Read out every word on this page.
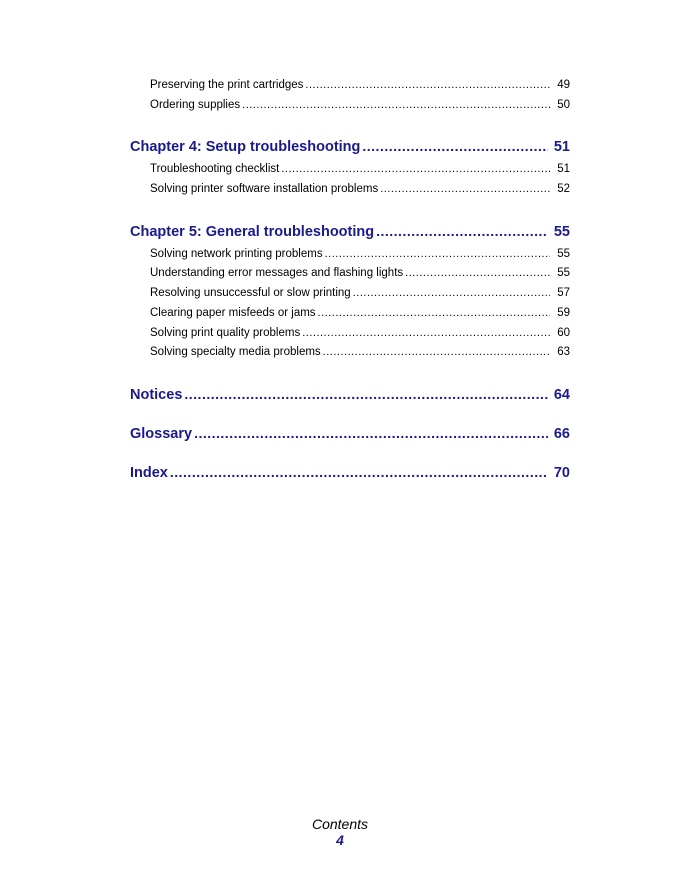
Preserving the print cartridges .....	49
Ordering supplies .....	50
Chapter 4: Setup troubleshooting .....	51
Troubleshooting checklist .....	51
Solving printer software installation problems .....	52
Chapter 5: General troubleshooting .....	55
Solving network printing problems .....	55
Understanding error messages and flashing lights .....	55
Resolving unsuccessful or slow printing .....	57
Clearing paper misfeeds or jams .....	59
Solving print quality problems .....	60
Solving specialty media problems .....	63
Notices .....	64
Glossary .....	66
Index .....	70
Contents
4
